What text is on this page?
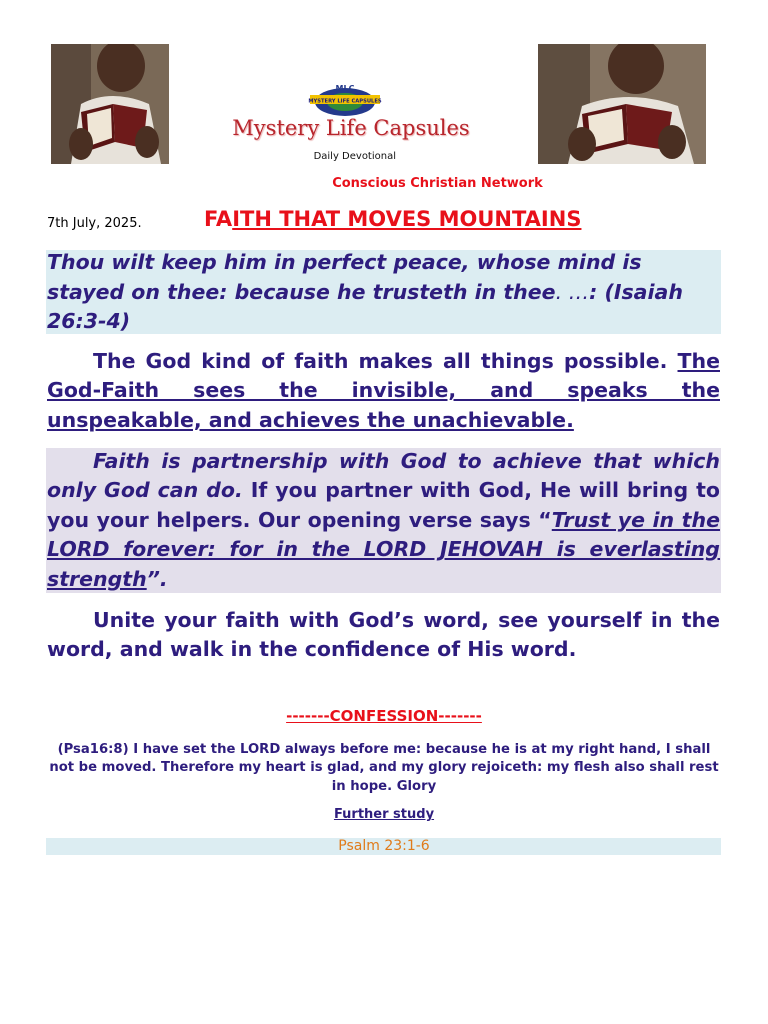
MYSTERY LIFE CAPSULES
MLC
Mystery Life Capsules
Daily Devotional
Conscious Christian Network
7th July, 2025.	FAITH THAT MOVES MOUNTAINS
Thou wilt keep him in perfect peace, whose mind is stayed on thee: because he trusteth in thee. …: (Isaiah 26:3-4)
The God kind of faith makes all things possible. The God-Faith sees the invisible, and speaks the unspeakable, and achieves the unachievable.
Faith is partnership with God to achieve that which only God can do. If you partner with God, He will bring to you your helpers. Our opening verse says “Trust ye in the LORD forever: for in the LORD JEHOVAH is everlasting strength”.
Unite your faith with God’s word, see yourself in the word, and walk in the confidence of His word.
-------CONFESSION-------
(Psa16:8) I have set the LORD always before me: because he is at my right hand, I shall not be moved. Therefore my heart is glad, and my glory rejoiceth: my flesh also shall rest in hope. Glory
Further study
Psalm 23:1-6
